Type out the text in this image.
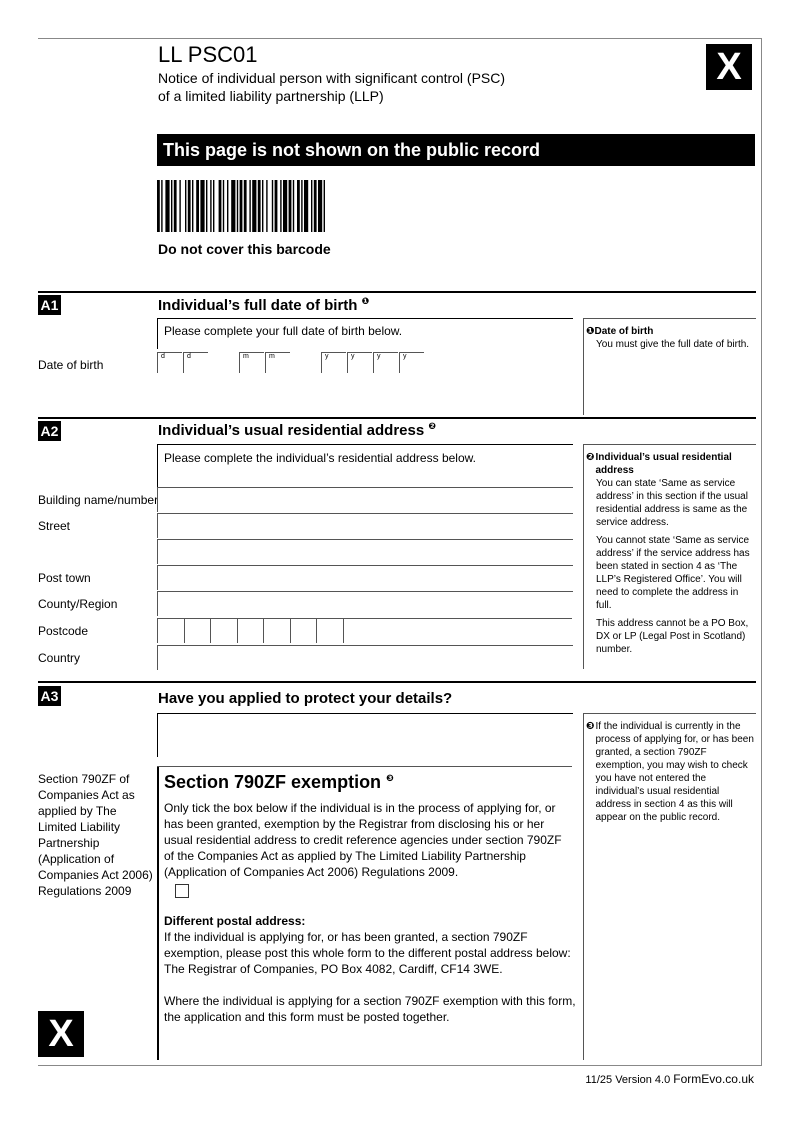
LL PSC01
Notice of individual person with significant control (PSC)
of a limited liability partnership (LLP)
X
This page is not shown on the public record
Do not cover this barcode
A1	Individual’s full date of birth ❶
Please complete your full date of birth below.
Date of birth
d	d	m	m	y	y	y	y
❶Date of birth
You must give the full date of birth.
A2	Individual’s usual residential address ❷
Please complete the individual’s residential address below.
Building name/number
Street
Post town
County/Region
Postcode
Country
❷ Individual’s usual residential address
You can state ‘Same as service address’ in this section if the usual residential address is same as the service address.
You cannot state ‘Same as service address’ if the service address has been stated in section 4 as ‘The LLP’s Registered Office’. You will need to complete the address in full.
This address cannot be a PO Box, DX or LP (Legal Post in Scotland) number.
A3	Have you applied to protect your details?
Section 790ZF of Companies Act as applied by The Limited Liability Partnership (Application of Companies Act 2006) Regulations 2009
Section 790ZF exemption ❸
Only tick the box below if the individual is in the process of applying for, or has been granted, exemption by the Registrar from disclosing his or her usual residential address to credit reference agencies under section 790ZF of the Companies Act as applied by The Limited Liability Partnership (Application of Companies Act 2006) Regulations 2009.
Different postal address:
If the individual is applying for, or has been granted, a section 790ZF exemption, please post this whole form to the different postal address below:
The Registrar of Companies, PO Box 4082, Cardiff, CF14 3WE.
Where the individual is applying for a section 790ZF exemption with this form, the application and this form must be posted together.
❸ If the individual is currently in the process of applying for, or has been granted, a section 790ZF exemption, you may wish to check you have not entered the individual’s usual residential address in section 4 as this will appear on the public record.
X
11/25 Version 4.0 FormEvo.co.uk
